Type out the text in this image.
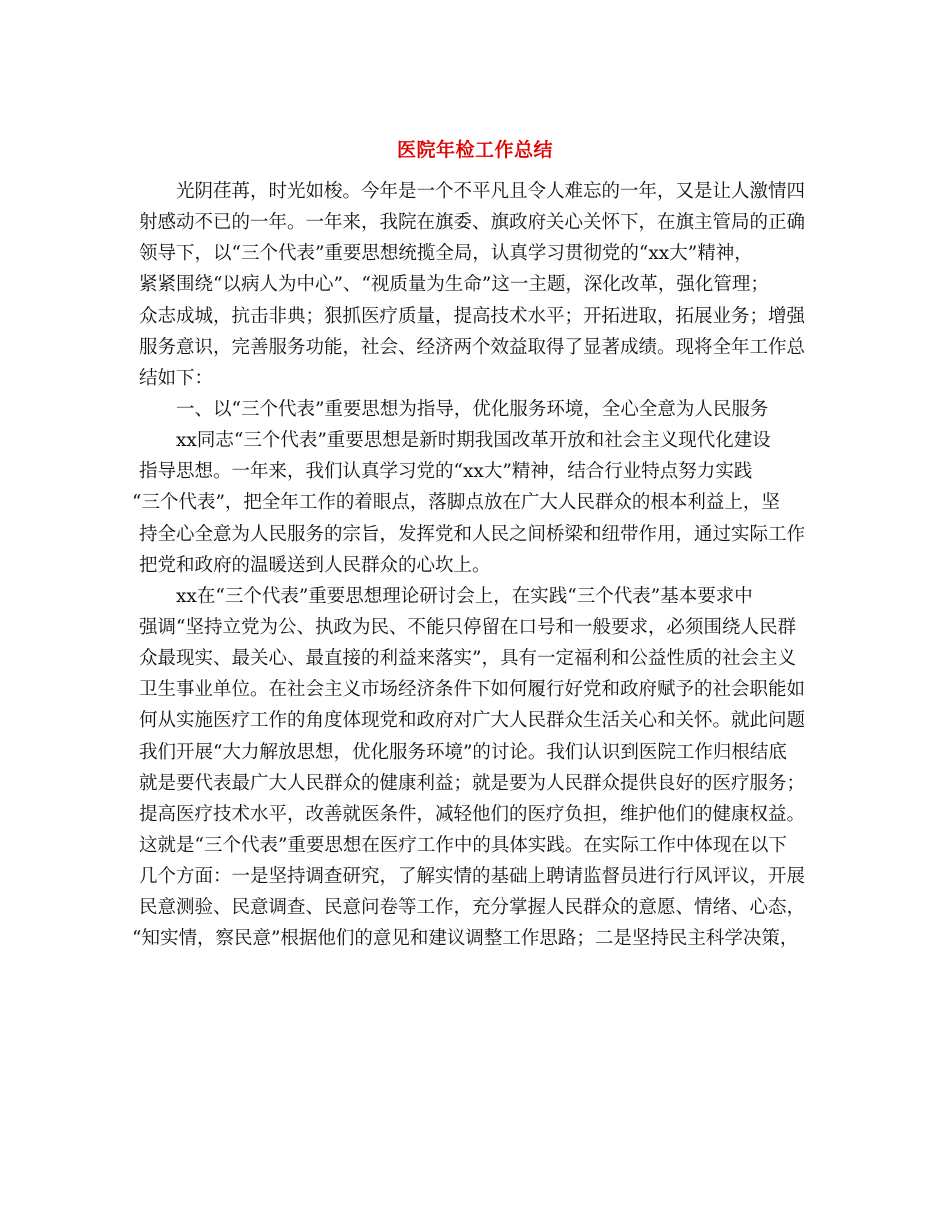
医院年检工作总结
光阴荏苒，时光如梭。今年是一个不平凡且令人难忘的一年，又是让人激情四
射感动不已的一年。一年来，我院在旗委、旗政府关心关怀下，在旗主管局的正确
领导下，以“三个代表”重要思想统揽全局，认真学习贯彻党的“xx大”精神，
紧紧围绕“以病人为中心”、“视质量为生命”这一主题，深化改革，强化管理；
众志成城，抗击非典；狠抓医疗质量，提高技术水平；开拓进取，拓展业务；增强
服务意识，完善服务功能，社会、经济两个效益取得了显著成绩。现将全年工作总
结如下：
一、以“三个代表”重要思想为指导，优化服务环境，全心全意为人民服务
xx同志“三个代表”重要思想是新时期我国改革开放和社会主义现代化建设
指导思想。一年来，我们认真学习党的“xx大”精神，结合行业特点努力实践
“三个代表”，把全年工作的着眼点，落脚点放在广大人民群众的根本利益上，坚
持全心全意为人民服务的宗旨，发挥党和人民之间桥梁和纽带作用，通过实际工作
把党和政府的温暖送到人民群众的心坎上。
xx在“三个代表”重要思想理论研讨会上，在实践“三个代表”基本要求中
强调“坚持立党为公、执政为民、不能只停留在口号和一般要求，必须围绕人民群
众最现实、最关心、最直接的利益来落实”，具有一定福利和公益性质的社会主义
卫生事业单位。在社会主义市场经济条件下如何履行好党和政府赋予的社会职能如
何从实施医疗工作的角度体现党和政府对广大人民群众生活关心和关怀。就此问题
我们开展“大力解放思想，优化服务环境”的讨论。我们认识到医院工作归根结底
就是要代表最广大人民群众的健康利益；就是要为人民群众提供良好的医疗服务；
提高医疗技术水平，改善就医条件，减轻他们的医疗负担，维护他们的健康权益。
这就是“三个代表”重要思想在医疗工作中的具体实践。在实际工作中体现在以下
几个方面：一是坚持调查研究，了解实情的基础上聘请监督员进行行风评议，开展
民意测验、民意调查、民意问卷等工作，充分掌握人民群众的意愿、情绪、心态，
“知实情，察民意”根据他们的意见和建议调整工作思路；二是坚持民主科学决策，
